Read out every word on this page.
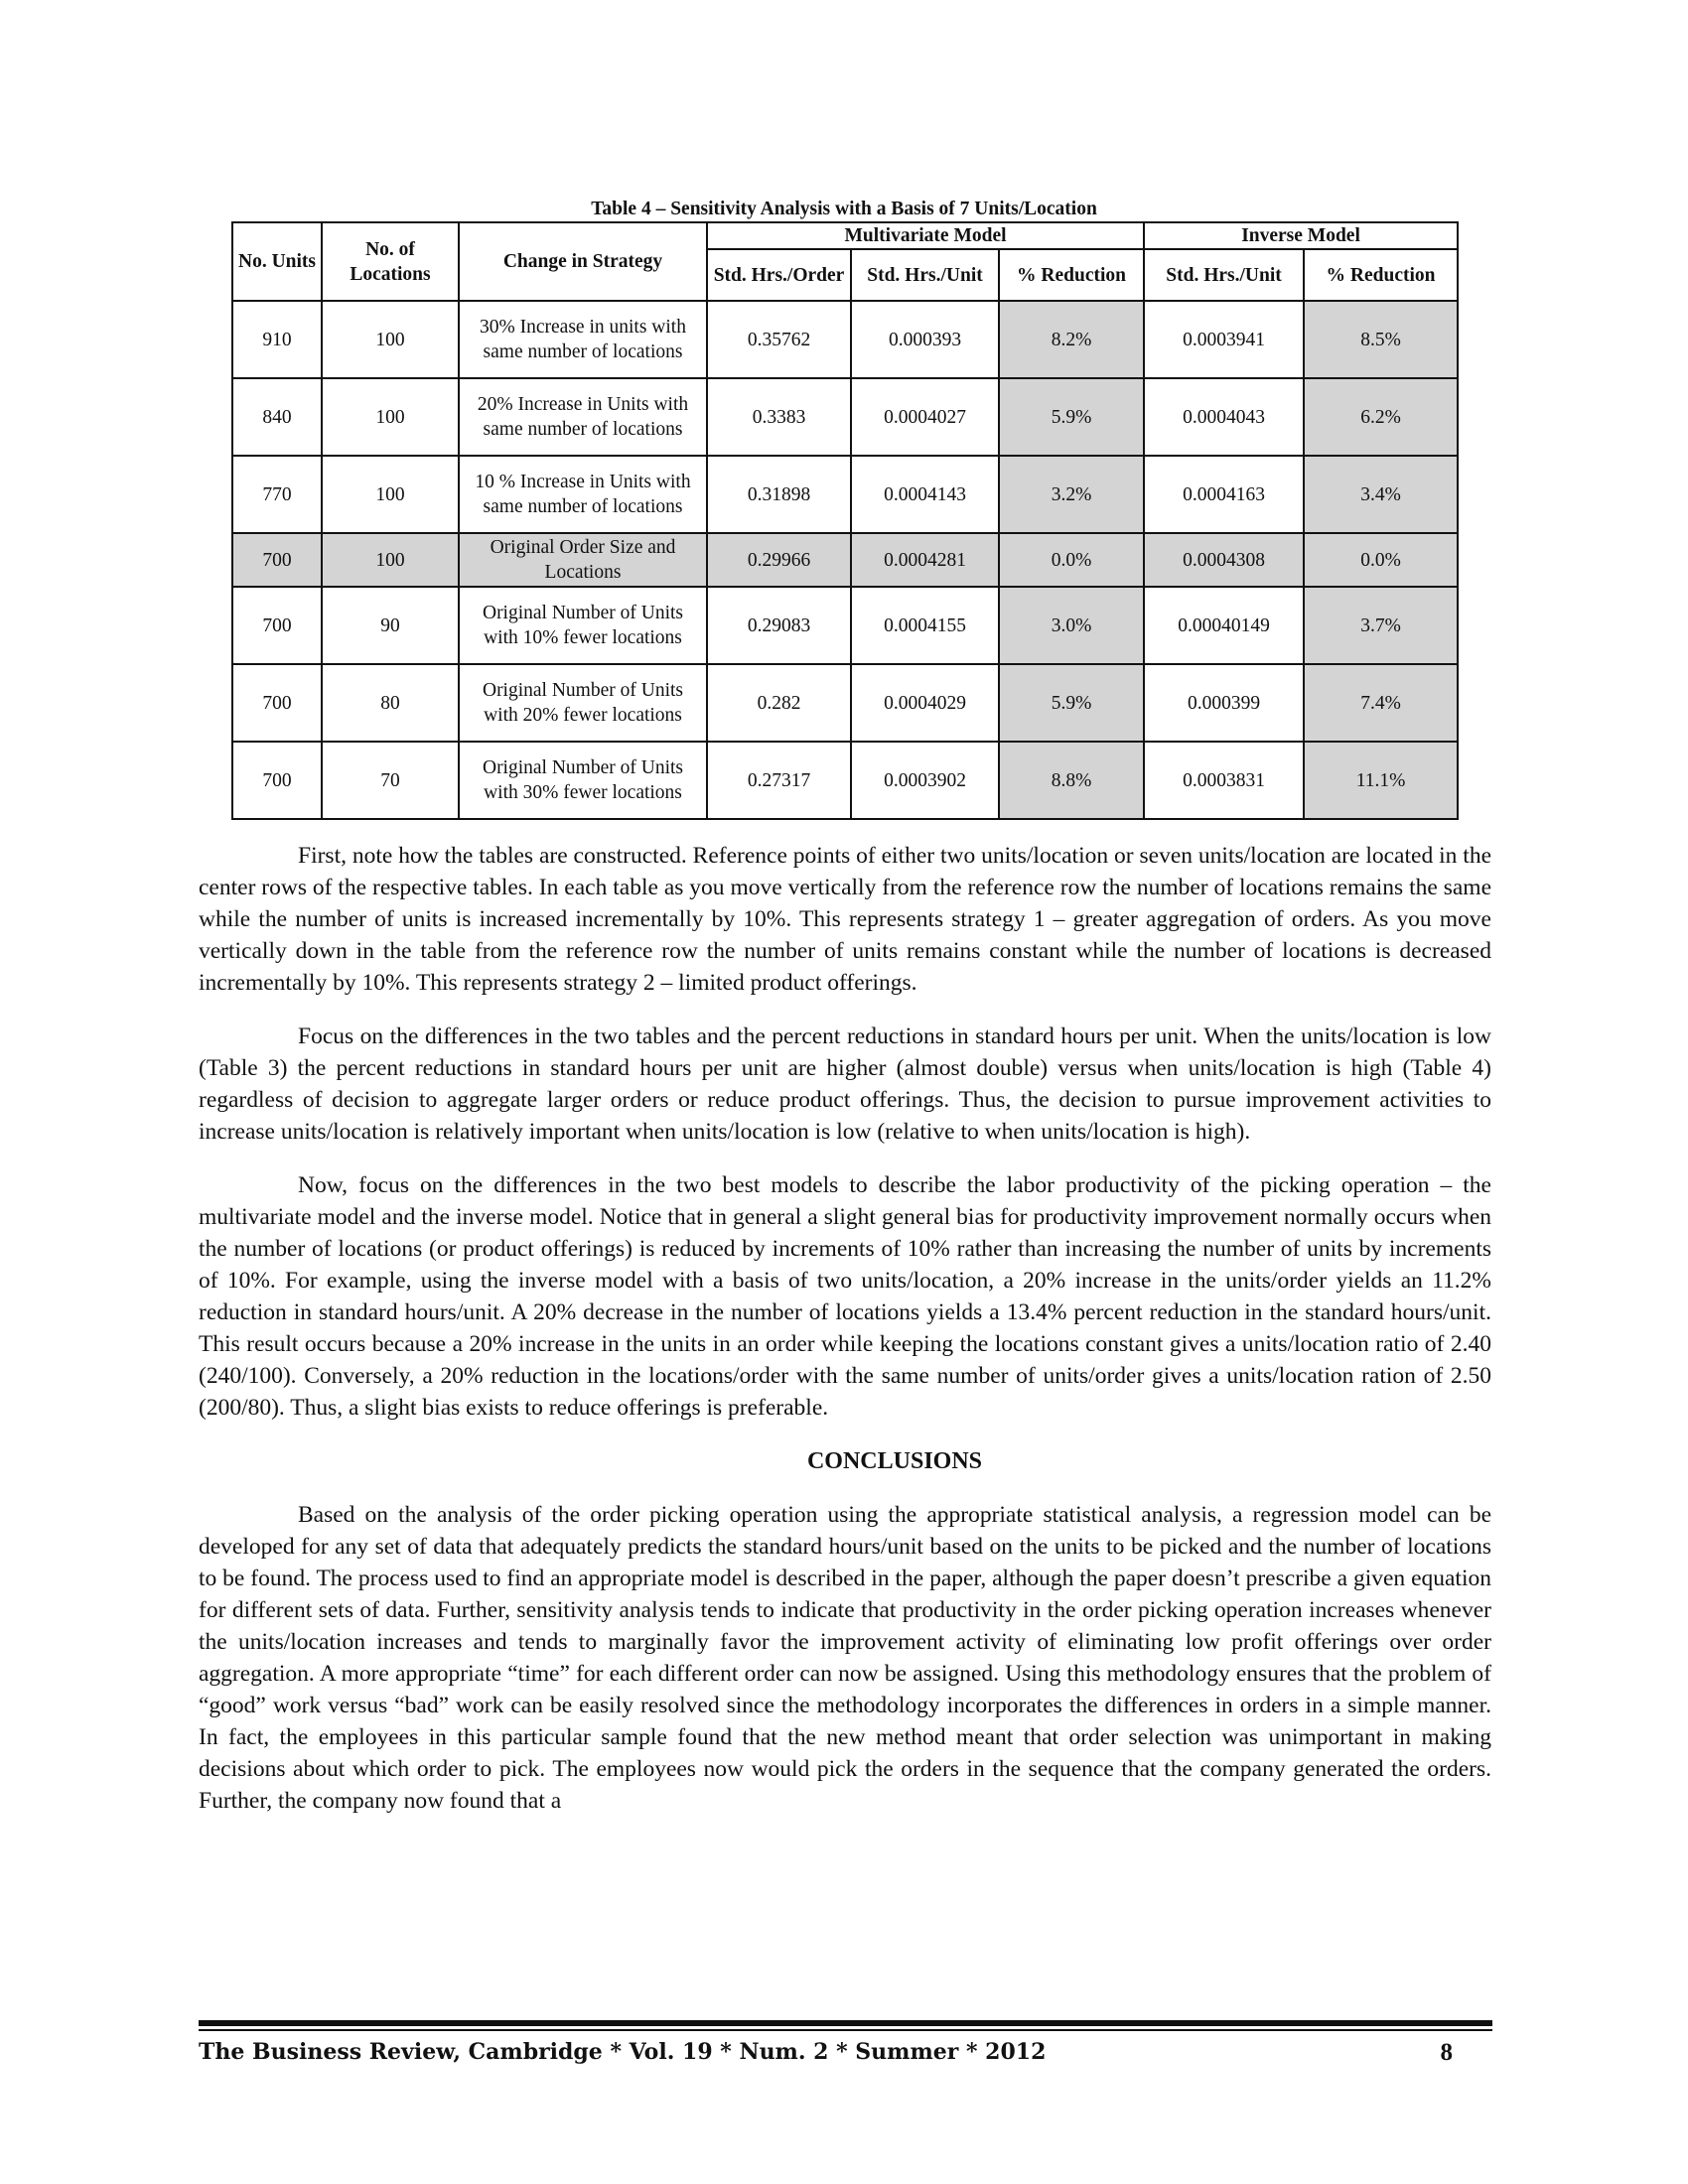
Table 4 – Sensitivity Analysis with a Basis of 7 Units/Location
No. Units	No. of Locations	Change in Strategy	Multivariate Model			Inverse Model	
			Std. Hrs./Order	Std. Hrs./Unit	% Reduction	Std. Hrs./Unit	% Reduction
910	100	30% Increase in units with same number of locations	0.35762	0.000393	8.2%	0.0003941	8.5%
840	100	20% Increase in Units with same number of locations	0.3383	0.0004027	5.9%	0.0004043	6.2%
770	100	10 % Increase in Units with same number of locations	0.31898	0.0004143	3.2%	0.0004163	3.4%
700	100	Original Order Size and Locations	0.29966	0.0004281	0.0%	0.0004308	0.0%
700	90	Original Number of Units with 10% fewer locations	0.29083	0.0004155	3.0%	0.00040149	3.7%
700	80	Original Number of Units with 20% fewer locations	0.282	0.0004029	5.9%	0.000399	7.4%
700	70	Original Number of Units with 30% fewer locations	0.27317	0.0003902	8.8%	0.0003831	11.1%

First, note how the tables are constructed. Reference points of either two units/location or seven units/location are located in the center rows of the respective tables. In each table as you move vertically from the reference row the number of locations remains the same while the number of units is increased incrementally by 10%. This represents strategy 1 – greater aggregation of orders. As you move vertically down in the table from the reference row the number of units remains constant while the number of locations is decreased incrementally by 10%. This represents strategy 2 – limited product offerings.

Focus on the differences in the two tables and the percent reductions in standard hours per unit. When the units/location is low (Table 3) the percent reductions in standard hours per unit are higher (almost double) versus when units/location is high (Table 4) regardless of decision to aggregate larger orders or reduce product offerings. Thus, the decision to pursue improvement activities to increase units/location is relatively important when units/location is low (relative to when units/location is high).

Now, focus on the differences in the two best models to describe the labor productivity of the picking operation – the multivariate model and the inverse model. Notice that in general a slight general bias for productivity improvement normally occurs when the number of locations (or product offerings) is reduced by increments of 10% rather than increasing the number of units by increments of 10%. For example, using the inverse model with a basis of two units/location, a 20% increase in the units/order yields an 11.2% reduction in standard hours/unit. A 20% decrease in the number of locations yields a 13.4% percent reduction in the standard hours/unit. This result occurs because a 20% increase in the units in an order while keeping the locations constant gives a units/location ratio of 2.40 (240/100). Conversely, a 20% reduction in the locations/order with the same number of units/order gives a units/location ration of 2.50 (200/80). Thus, a slight bias exists to reduce offerings is preferable.

CONCLUSIONS

Based on the analysis of the order picking operation using the appropriate statistical analysis, a regression model can be developed for any set of data that adequately predicts the standard hours/unit based on the units to be picked and the number of locations to be found. The process used to find an appropriate model is described in the paper, although the paper doesn’t prescribe a given equation for different sets of data. Further, sensitivity analysis tends to indicate that productivity in the order picking operation increases whenever the units/location increases and tends to marginally favor the improvement activity of eliminating low profit offerings over order aggregation. A more appropriate “time” for each different order can now be assigned. Using this methodology ensures that the problem of “good” work versus “bad” work can be easily resolved since the methodology incorporates the differences in orders in a simple manner. In fact, the employees in this particular sample found that the new method meant that order selection was unimportant in making decisions about which order to pick. The employees now would pick the orders in the sequence that the company generated the orders. Further, the company now found that a

The Business Review, Cambridge * Vol. 19 * Num. 2 * Summer * 2012	8
